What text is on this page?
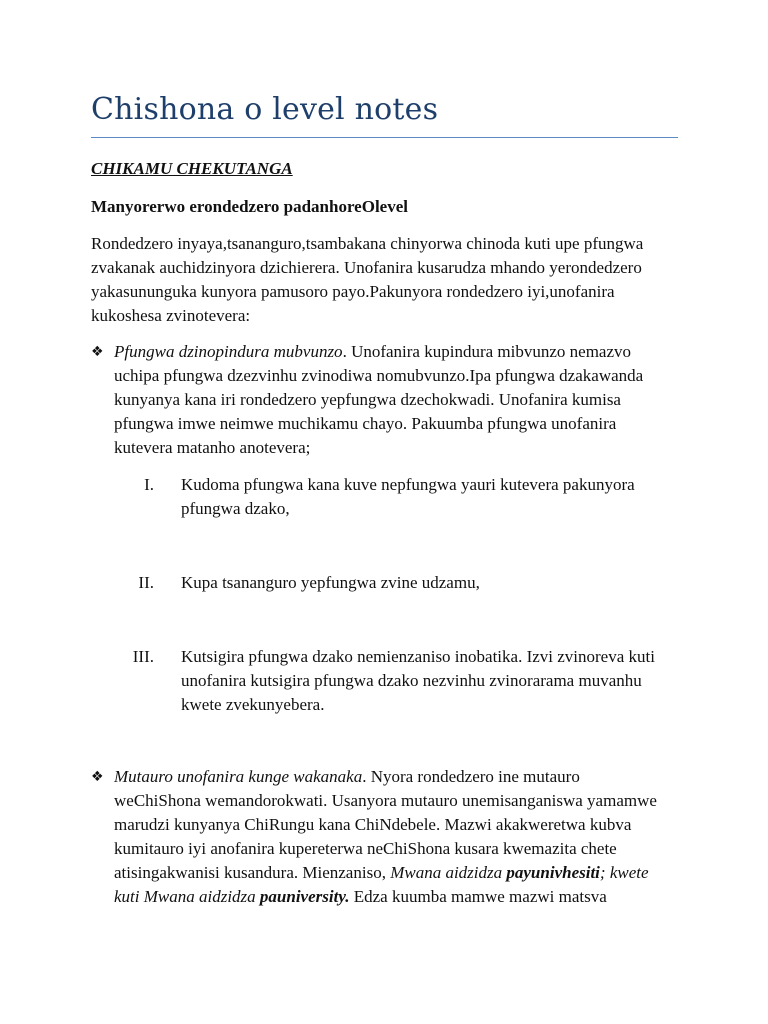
Chishona o level notes
CHIKAMU CHEKUTANGA
Manyorerwo erondedzero padanhoreOlevel
Rondedzero inyaya,tsananguro,tsambakana chinyorwa chinoda kuti upe pfungwa
zvakanak auchidzinyora dzichierera. Unofanira kusarudza mhando yerondedzero
yakasununguka kunyora pamusoro payo.Pakunyora rondedzero iyi,unofanira
kukoshesa zvinotevera:
❖ Pfungwa dzinopindura mubvunzo. Unofanira kupindura mibvunzo nemazvo
uchipa pfungwa dzezvinhu zvinodiwa nomubvunzo.Ipa pfungwa dzakawanda
kunyanya kana iri rondedzero yepfungwa dzechokwadi. Unofanira kumisa
pfungwa imwe neimwe muchikamu chayo. Pakuumba pfungwa unofanira
kutevera matanho anotevera;
I. Kudoma pfungwa kana kuve nepfungwa yauri kutevera pakunyora
pfungwa dzako,
II. Kupa tsananguro yepfungwa zvine udzamu,
III. Kutsigira pfungwa dzako nemienzaniso inobatika. Izvi zvinoreva kuti
unofanira kutsigira pfungwa dzako nezvinhu zvinorarama muvanhu
kwete zvekunyebera.
❖ Mutauro unofanira kunge wakanaka. Nyora rondedzero ine mutauro
weChiShona wemandorokwati. Usanyora mutauro unemisanganiswa yamamwe
marudzi kunyanya ChiRungu kana ChiNdebele. Mazwi akakweretwa kubva
kumitauro iyi anofanira kupereterwa neChiShona kusara kwemazita chete
atisingakwanisi kusandura. Mienzaniso, Mwana aidzidza payunivhesiti; kwete
kuti Mwana aidzidza pauniversity. Edza kuumba mamwe mazwi matsva
